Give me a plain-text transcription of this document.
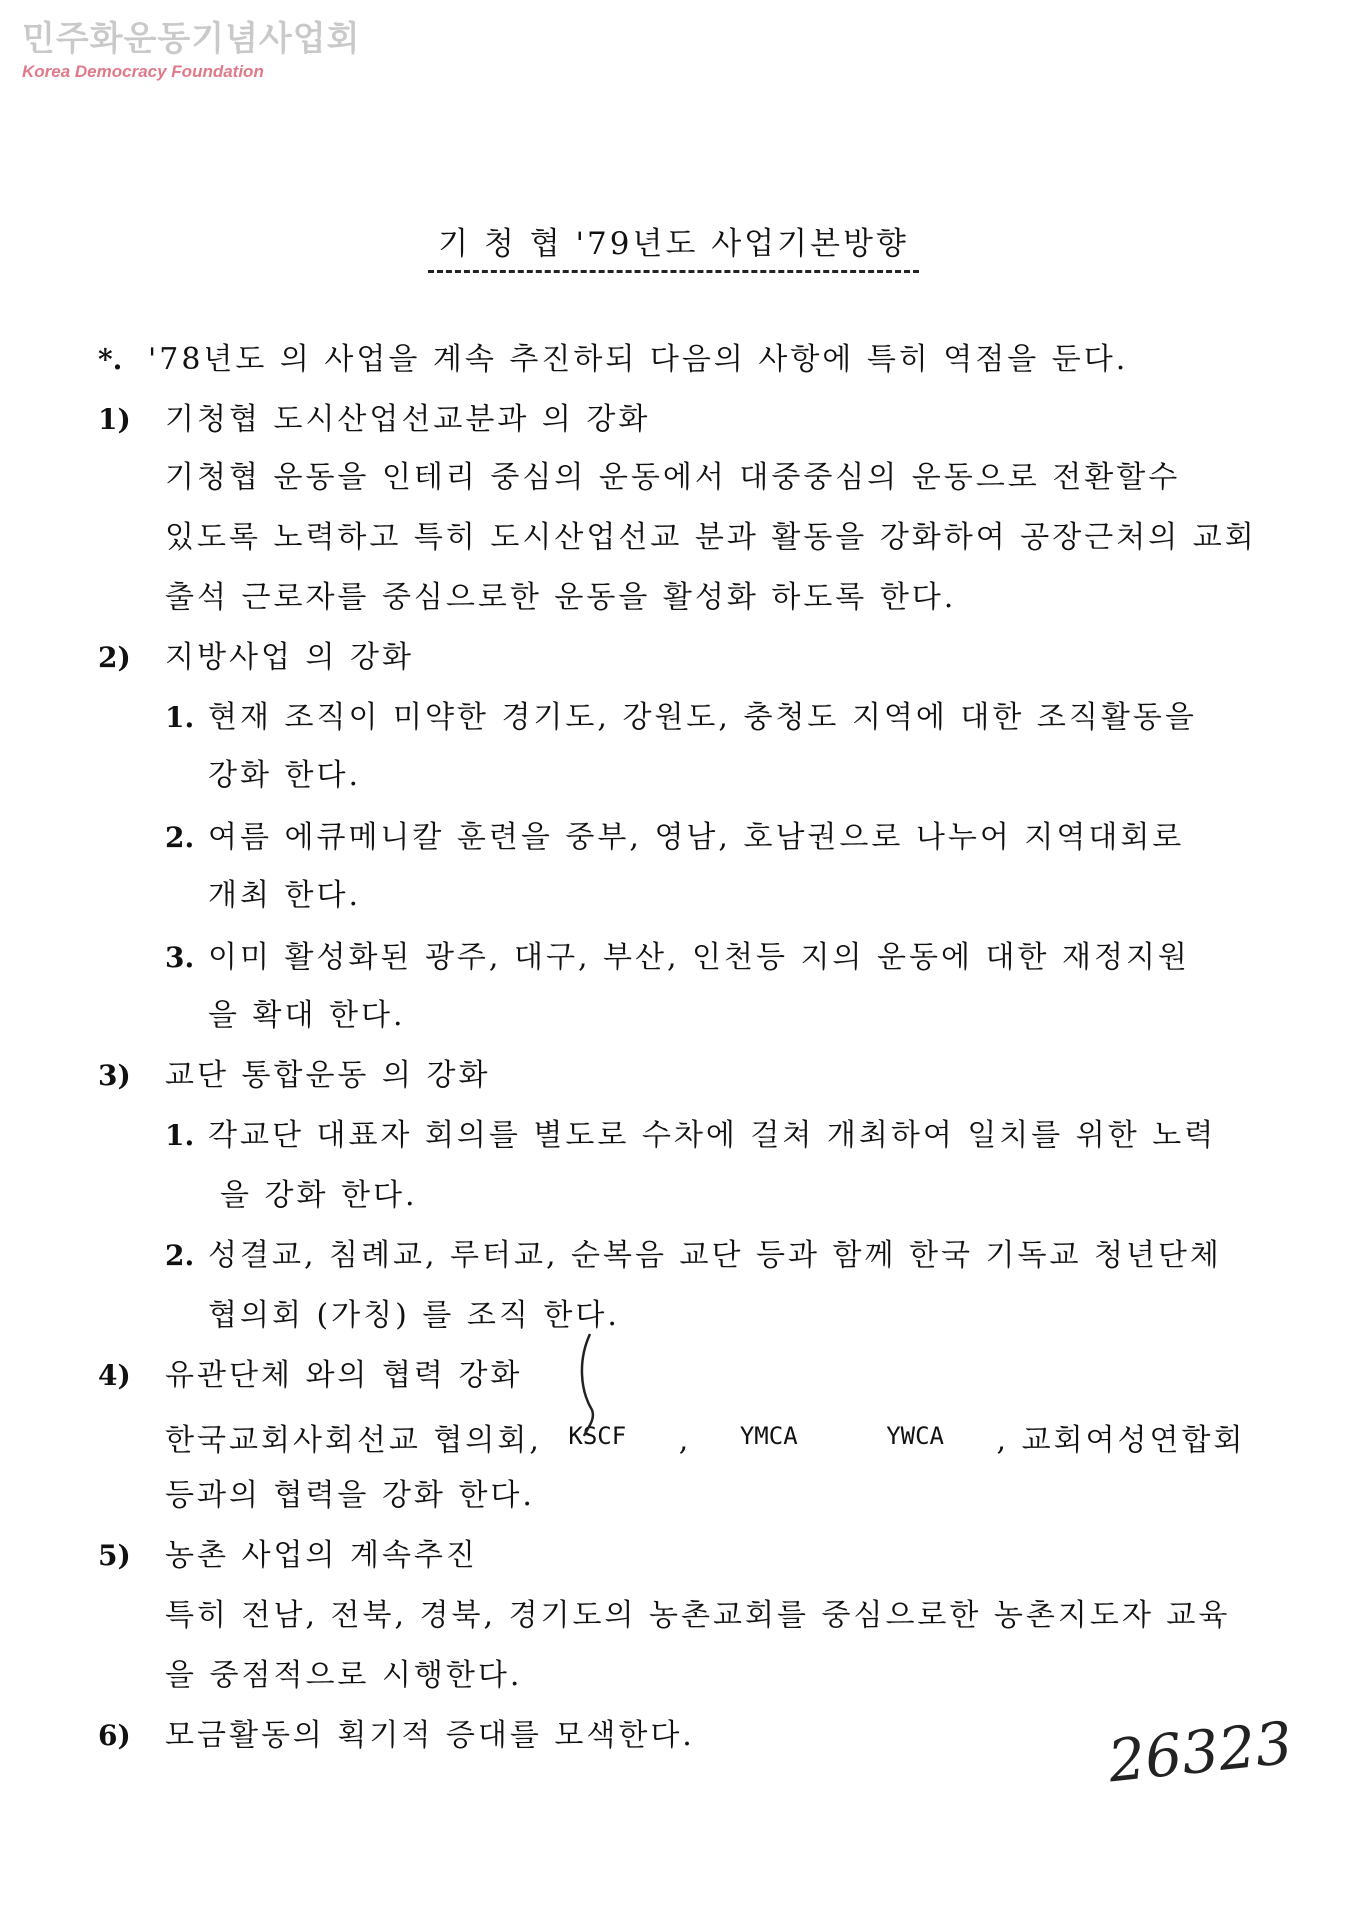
민주화운동기념사업회
Korea Democracy Foundation
기 청 협 '79년도 사업기본방향
*. '78년도 의 사업을 계속 추진하되 다음의 사항에 특히 역점을 둔다.
1) 기청협 도시산업선교분과 의 강화
기청협 운동을 인테리 중심의 운동에서 대중중심의 운동으로 전환할수
있도록 노력하고 특히 도시산업선교 분과 활동을 강화하여 공장근처의 교회
출석 근로자를 중심으로한 운동을 활성화 하도록 한다.
2) 지방사업 의 강화
1. 현재 조직이 미약한 경기도, 강원도, 충청도 지역에 대한 조직활동을
강화 한다.
2. 여름 에큐메니칼 훈련을 중부, 영남, 호남권으로 나누어 지역대회로
개최 한다.
3. 이미 활성화된 광주, 대구, 부산, 인천등 지의 운동에 대한 재정지원
을 확대 한다.
3) 교단 통합운동 의 강화
1. 각교단 대표자 회의를 별도로 수차에 걸쳐 개최하여 일치를 위한 노력
을 강화 한다.
2. 성결교, 침례교, 루터교, 순복음 교단 등과 함께 한국 기독교 청년단체
협의회 (가칭) 를 조직 한다.
4) 유관단체 와의 협력 강화
한국교회사회선교 협의회, KSCF , YMCA	YWCA , 교회여성연합회
등과의 협력을 강화 한다.
5) 농촌 사업의 계속추진
특히 전남, 전북, 경북, 경기도의 농촌교회를 중심으로한 농촌지도자 교육
을 중점적으로 시행한다.
6) 모금활동의 획기적 증대를 모색한다.	26323
